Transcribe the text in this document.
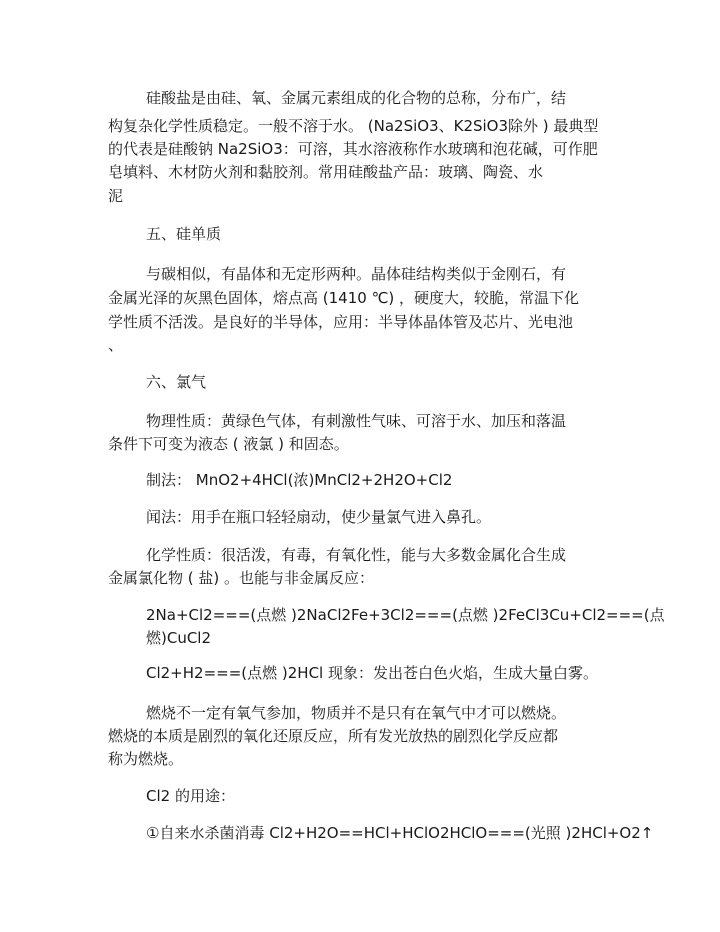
硅酸盐是由硅、氧、金属元素组成的化合物的总称，分布广，结
构复杂化学性质稳定。一般不溶于水。 (Na2SiO3、K2SiO3除外 ) 最典型
的代表是硅酸钠 Na2SiO3：可溶，其水溶液称作水玻璃和泡花碱，可作肥
皂填料、木材防火剂和黏胶剂。常用硅酸盐产品：玻璃、陶瓷、水
泥
五、硅单质
与碳相似，有晶体和无定形两种。晶体硅结构类似于金刚石，有
金属光泽的灰黑色固体，熔点高 (1410 ℃) ，硬度大，较脆，常温下化
学性质不活泼。是良好的半导体，应用：半导体晶体管及芯片、光电池
、
六、氯气
物理性质：黄绿色气体，有刺激性气味、可溶于水、加压和落温
条件下可变为液态 ( 液氯 ) 和固态。
制法： MnO2+4HCl(浓)MnCl2+2H2O+Cl2
闻法：用手在瓶口轻轻扇动，使少量氯气进入鼻孔。
化学性质：很活泼，有毒，有氧化性，能与大多数金属化合生成
金属氯化物 ( 盐) 。也能与非金属反应：
2Na+Cl2===(点燃 )2NaCl2Fe+3Cl2===(点燃 )2FeCl3Cu+Cl2===(点
燃)CuCl2
Cl2+H2===(点燃 )2HCl 现象：发出苍白色火焰，生成大量白雾。
燃烧不一定有氧气参加，物质并不是只有在氧气中才可以燃烧。
燃烧的本质是剧烈的氧化还原反应，所有发光放热的剧烈化学反应都
称为燃烧。
Cl2 的用途：
①自来水杀菌消毒 Cl2+H2O==HCl+HClO2HClO===(光照 )2HCl+O2↑
